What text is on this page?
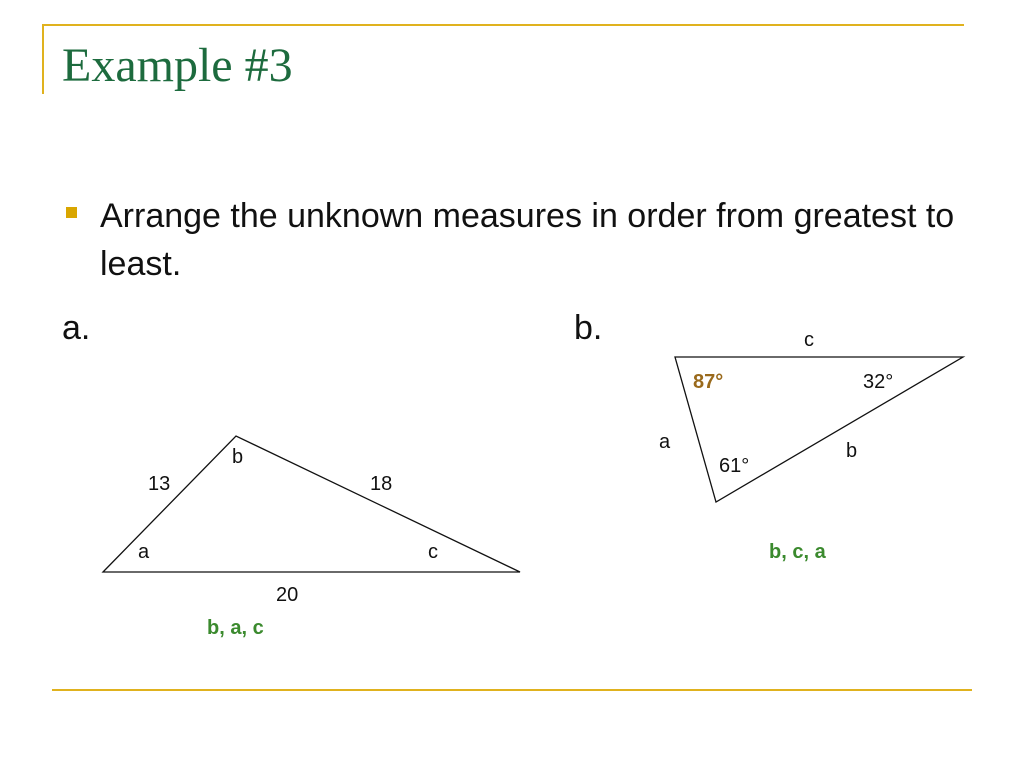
Example #3
Arrange the unknown measures in order from greatest to least.
a.	b.
b
a	c
13	18
20
b, a, c
c
a	b
87°	32°
61°
b, c, a
